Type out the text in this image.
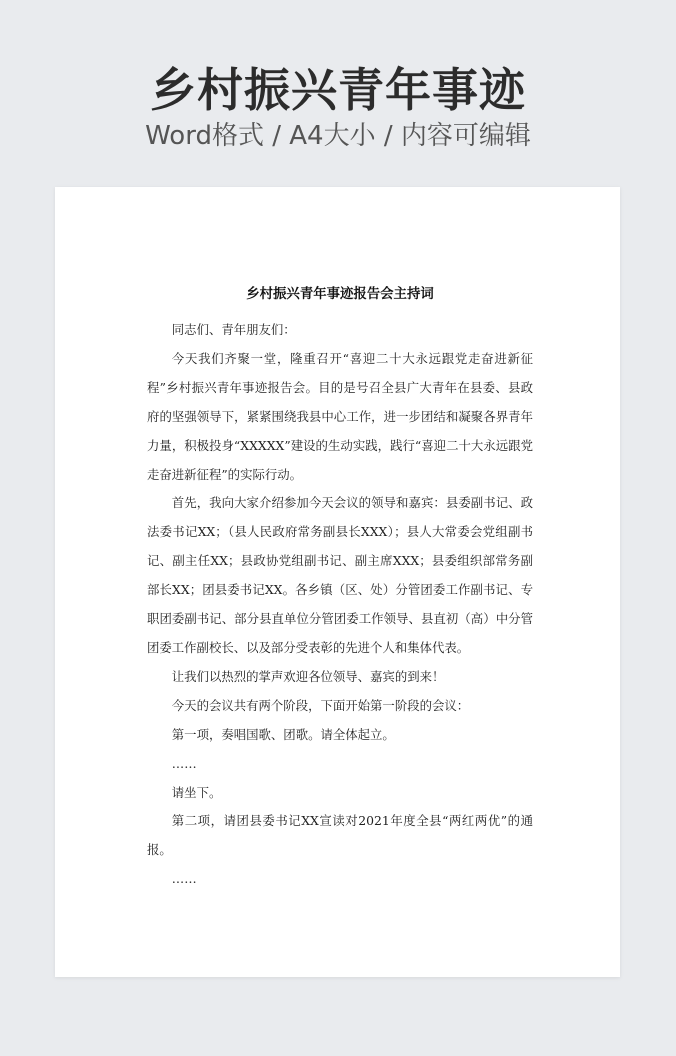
乡村振兴青年事迹
Word格式 / A4大小 / 内容可编辑
乡村振兴青年事迹报告会主持词

同志们、青年朋友们：

今天我们齐聚一堂，隆重召开“喜迎二十大永远跟党走奋进新征程”乡村振兴青年事迹报告会。目的是号召全县广大青年在县委、县政府的坚强领导下，紧紧围绕我县中心工作，进一步团结和凝聚各界青年力量，积极投身“XXXXX”建设的生动实践，践行“喜迎二十大永远跟党走奋进新征程”的实际行动。

首先，我向大家介绍参加今天会议的领导和嘉宾：县委副书记、政法委书记XX；（县人民政府常务副县长XXX）；县人大常委会党组副书记、副主任XX；县政协党组副书记、副主席XXX；县委组织部常务副部长XX；团县委书记XX。各乡镇（区、处）分管团委工作副书记、专职团委副书记、部分县直单位分管团委工作领导、县直初（高）中分管团委工作副校长、以及部分受表彰的先进个人和集体代表。

让我们以热烈的掌声欢迎各位领导、嘉宾的到来！

今天的会议共有两个阶段，下面开始第一阶段的会议：

第一项，奏唱国歌、团歌。请全体起立。

……

请坐下。

第二项，请团县委书记XX宣读对2021年度全县“两红两优”的通报。

……
